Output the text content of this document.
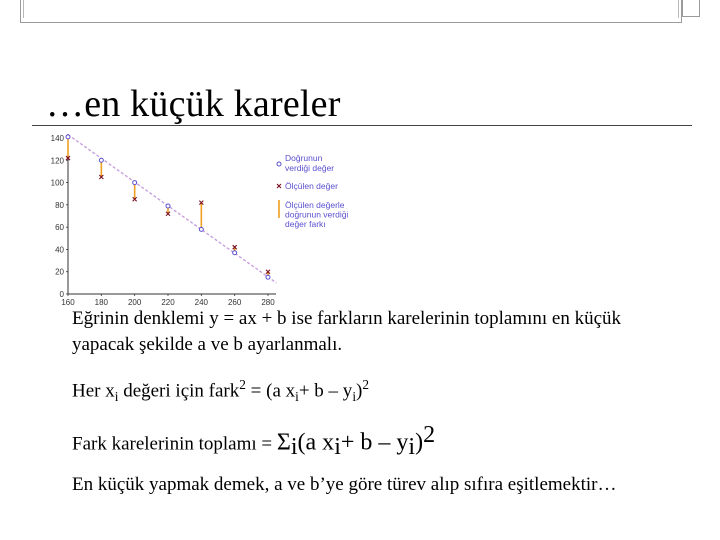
…en küçük kareler
0
20
40
60
80
100
120
140
160 180 200 220 240 260 280
Doğrunun verdiği değer
Ölçülen değer
Ölçülen değerle doğrunun verdiği değer farkı
Eğrinin denklemi y = ax + b ise farkların karelerinin toplamını en küçük yapacak şekilde a ve b ayarlanmalı.
Her $x_i$ değeri için fark$^2$ = (a $x_i+ b - y_i)^2$
Fark karelerinin toplamı = $\Sigma_i(a$ $x_i+ b - y_i)^2$
En küçük yapmak demek, a ve b’ye göre türev alıp sıfıra eşitlemektir…
